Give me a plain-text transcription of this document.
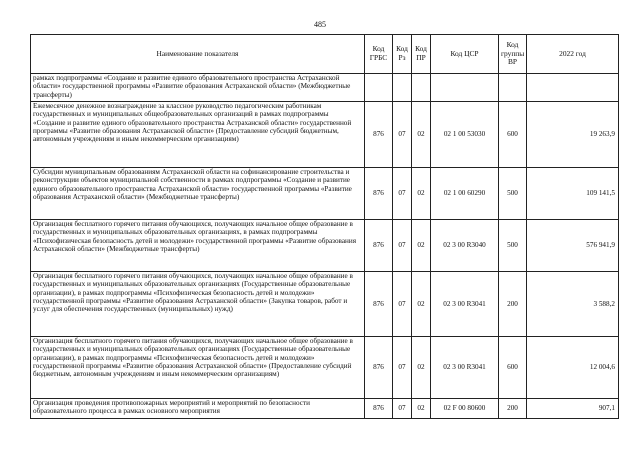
485
Наименование показателя	Код ГРБС	Код Рз	Код ПР	Код ЦСР	Код группы ВР	2022 год
рамках подпрограммы «Создание и развитие единого образовательного пространства Астраханской области» государственной программы «Развитие образования Астраханской области» (Межбюджетные трансферты)						
Ежемесячное денежное вознаграждение за классное руководство педагогическим работникам государственных и муниципальных общеобразовательных организаций в рамках подпрограммы «Создание и развитие единого образовательного пространства Астраханской области» государственной программы «Развитие образования Астраханской области» (Предоставление субсидий бюджетным, автономным учреждениям и иным некоммерческим организациям)	876	07	02	02 1 00 53030	600	19 263,9
Субсидии муниципальным образованиям Астраханской области на софинансирование строительства и реконструкции объектов муниципальной собственности в рамках подпрограммы «Создание и развитие единого образовательного пространства Астраханской области» государственной программы «Развитие образования Астраханской области» (Межбюджетные трансферты)	876	07	02	02 1 00 60290	500	109 141,5
Организация бесплатного горячего питания обучающихся, получающих начальное общее образование в государственных и муниципальных образовательных организациях, в рамках подпрограммы «Психофизическая безопасность детей и молодежи» государственной программы «Развитие образования Астраханской области» (Межбюджетные трансферты)	876	07	02	02 3 00 R3040	500	576 941,9
Организация бесплатного горячего питания обучающихся, получающих начальное общее образование в государственных и муниципальных образовательных организациях (Государственные образовательные организации), в рамках подпрограммы «Психофизическая безопасность детей и молодежи» государственной программы «Развитие образования Астраханской области» (Закупка товаров, работ и услуг для обеспечения государственных (муниципальных) нужд)	876	07	02	02 3 00 R3041	200	3 588,2
Организация бесплатного горячего питания обучающихся, получающих начальное общее образование в государственных и муниципальных образовательных организациях (Государственные образовательные организации), в рамках подпрограммы «Психофизическая безопасность детей и молодежи» государственной программы «Развитие образования Астраханской области» (Предоставление субсидий бюджетным, автономным учреждениям и иным некоммерческим организациям)	876	07	02	02 3 00 R3041	600	12 004,6
Организация проведения противопожарных мероприятий и мероприятий по безопасности образовательного процесса в рамках основного мероприятия	876	07	02	02 F 00 80600	200	907,1
